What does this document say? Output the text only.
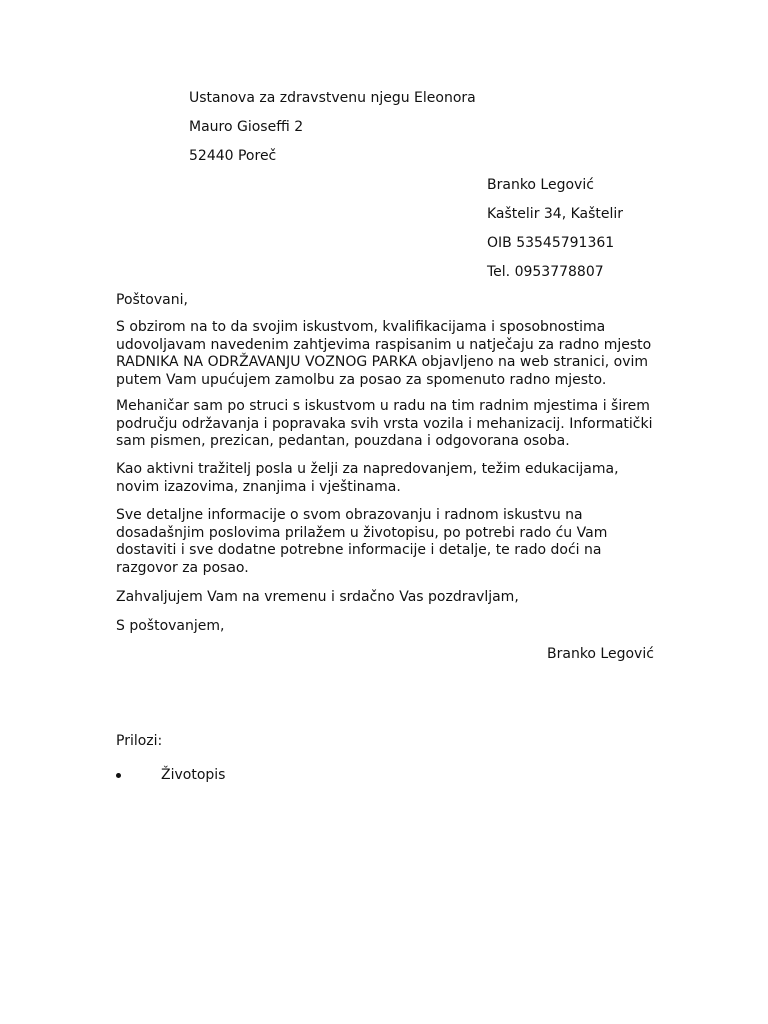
Ustanova za zdravstvenu njegu Eleonora
Mauro Gioseffi 2
52440 Poreč
Branko Legović
Kaštelir 34, Kaštelir
OIB 53545791361
Tel. 0953778807
Poštovani,
S obzirom na to da svojim iskustvom, kvalifikacijama i sposobnostima
udovoljavam navedenim zahtjevima raspisanim u natječaju za radno mjesto
RADNIKA NA ODRŽAVANJU VOZNOG PARKA objavljeno na web stranici, ovim
putem Vam upućujem zamolbu za posao za spomenuto radno mjesto.
Mehaničar sam po struci s iskustvom u radu na tim radnim mjestima i širem
području održavanja i popravaka svih vrsta vozila i mehanizacij. Informatički
sam pismen, prezican, pedantan, pouzdana i odgovorana osoba.
Kao aktivni tražitelj posla u želji za napredovanjem, težim edukacijama,
novim izazovima, znanjima i vještinama.
Sve detaljne informacije o svom obrazovanju i radnom iskustvu na
dosadašnjim poslovima prilažem u životopisu, po potrebi rado ću Vam
dostaviti i sve dodatne potrebne informacije i detalje, te rado doći na
razgovor za posao.
Zahvaljujem Vam na vremenu i srdačno Vas pozdravljam,
S poštovanjem,
Branko Legović
Prilozi:
Životopis
